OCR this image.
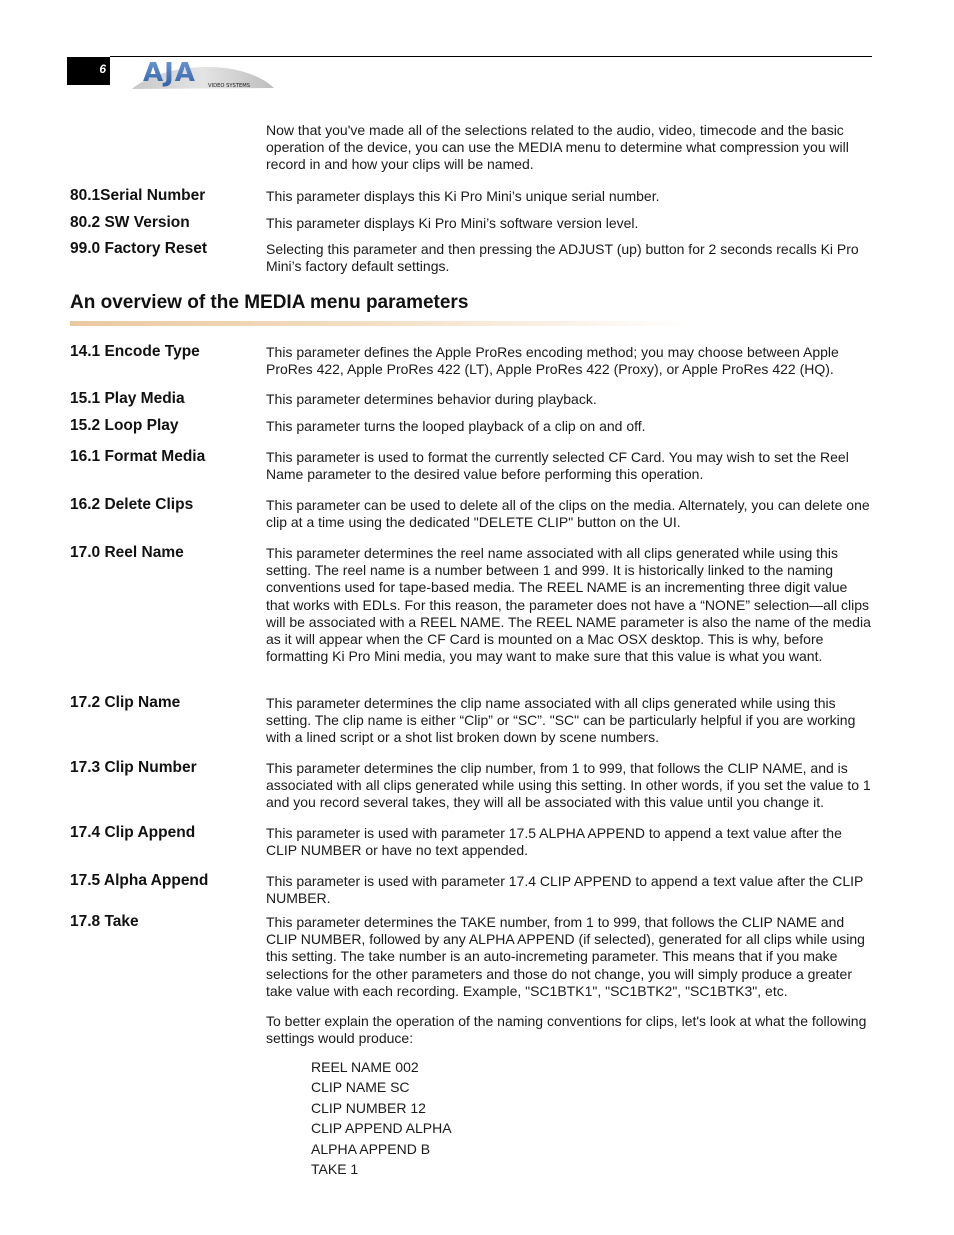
6 AJA VIDEO SYSTEMS
Now that you've made all of the selections related to the audio, video, timecode and the basic operation of the device, you can use the MEDIA menu to determine what compression you will record in and how your clips will be named.
80.1Serial Number	This parameter displays this Ki Pro Mini’s unique serial number.
80.2 SW Version	This parameter displays Ki Pro Mini’s software version level.
99.0 Factory Reset	Selecting this parameter and then pressing the ADJUST (up) button for 2 seconds recalls Ki Pro Mini’s factory default settings.
An overview of the MEDIA menu parameters
14.1 Encode Type	This parameter defines the Apple ProRes encoding method; you may choose between Apple ProRes 422, Apple ProRes 422 (LT), Apple ProRes 422 (Proxy), or Apple ProRes 422 (HQ).
15.1 Play Media	This parameter determines behavior during playback.
15.2 Loop Play	This parameter turns the looped playback of a clip on and off.
16.1 Format Media	This parameter is used to format the currently selected CF Card. You may wish to set the Reel Name parameter to the desired value before performing this operation.
16.2 Delete Clips	This parameter can be used to delete all of the clips on the media. Alternately, you can delete one clip at a time using the dedicated "DELETE CLIP" button on the UI.
17.0 Reel Name	This parameter determines the reel name associated with all clips generated while using this setting. The reel name is a number between 1 and 999. It is historically linked to the naming conventions used for tape-based media. The REEL NAME is an incrementing three digit value that works with EDLs. For this reason, the parameter does not have a “NONE” selection—all clips will be associated with a REEL NAME. The REEL NAME parameter is also the name of the media as it will appear when the CF Card is mounted on a Mac OSX desktop. This is why, before formatting Ki Pro Mini media, you may want to make sure that this value is what you want.
17.2 Clip Name	This parameter determines the clip name associated with all clips generated while using this setting. The clip name is either “Clip” or “SC”. "SC" can be particularly helpful if you are working with a lined script or a shot list broken down by scene numbers.
17.3 Clip Number	This parameter determines the clip number, from 1 to 999, that follows the CLIP NAME, and is associated with all clips generated while using this setting. In other words, if you set the value to 1 and you record several takes, they will all be associated with this value until you change it.
17.4 Clip Append	This parameter is used with parameter 17.5 ALPHA APPEND to append a text value after the CLIP NUMBER or have no text appended.
17.5 Alpha Append	This parameter is used with parameter 17.4 CLIP APPEND to append a text value after the CLIP NUMBER.
17.8 Take	This parameter determines the TAKE number, from 1 to 999, that follows the CLIP NAME and CLIP NUMBER, followed by any ALPHA APPEND (if selected), generated for all clips while using this setting. The take number is an auto-incremeting parameter. This means that if you make selections for the other parameters and those do not change, you will simply produce a greater take value with each recording. Example, "SC1BTK1", "SC1BTK2", "SC1BTK3", etc.
To better explain the operation of the naming conventions for clips, let's look at what the following settings would produce:
REEL NAME 002
CLIP NAME SC
CLIP NUMBER 12
CLIP APPEND ALPHA
ALPHA APPEND B
TAKE 1
